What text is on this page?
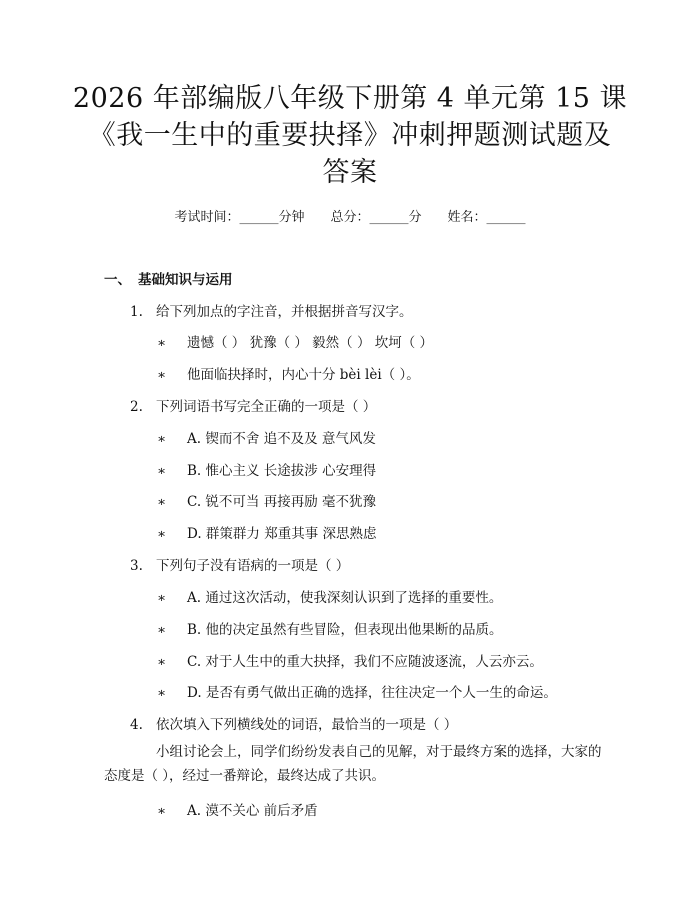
2026 年部编版八年级下册第 4 单元第 15 课
《我一生中的重要抉择》冲刺押题测试题及
答案
考试时间：______分钟 总分：______分 姓名：______
一、 基础知识与运用
1. 给下列加点的字注音，并根据拼音写汉字。
∗ 遗憾（ ） 犹豫（ ） 毅然（ ） 坎坷（ ）
∗ 他面临抉择时，内心十分 bèi lèi（ ）。
2. 下列词语书写完全正确的一项是（ ）
∗ A. 锲而不舍 追不及及 意气风发
∗ B. 惟心主义 长途拔涉 心安理得
∗ C. 锐不可当 再接再励 毫不犹豫
∗ D. 群策群力 郑重其事 深思熟虑
3. 下列句子没有语病的一项是（ ）
∗ A. 通过这次活动，使我深刻认识到了选择的重要性。
∗ B. 他的决定虽然有些冒险，但表现出他果断的品质。
∗ C. 对于人生中的重大抉择，我们不应随波逐流，人云亦云。
∗ D. 是否有勇气做出正确的选择，往往决定一个人一生的命运。
4. 依次填入下列横线处的词语，最恰当的一项是（ ）
小组讨论会上，同学们纷纷发表自己的见解，对于最终方案的选择，大家的态度是（ ），经过一番辩论，最终达成了共识。
∗ A. 漠不关心 前后矛盾
